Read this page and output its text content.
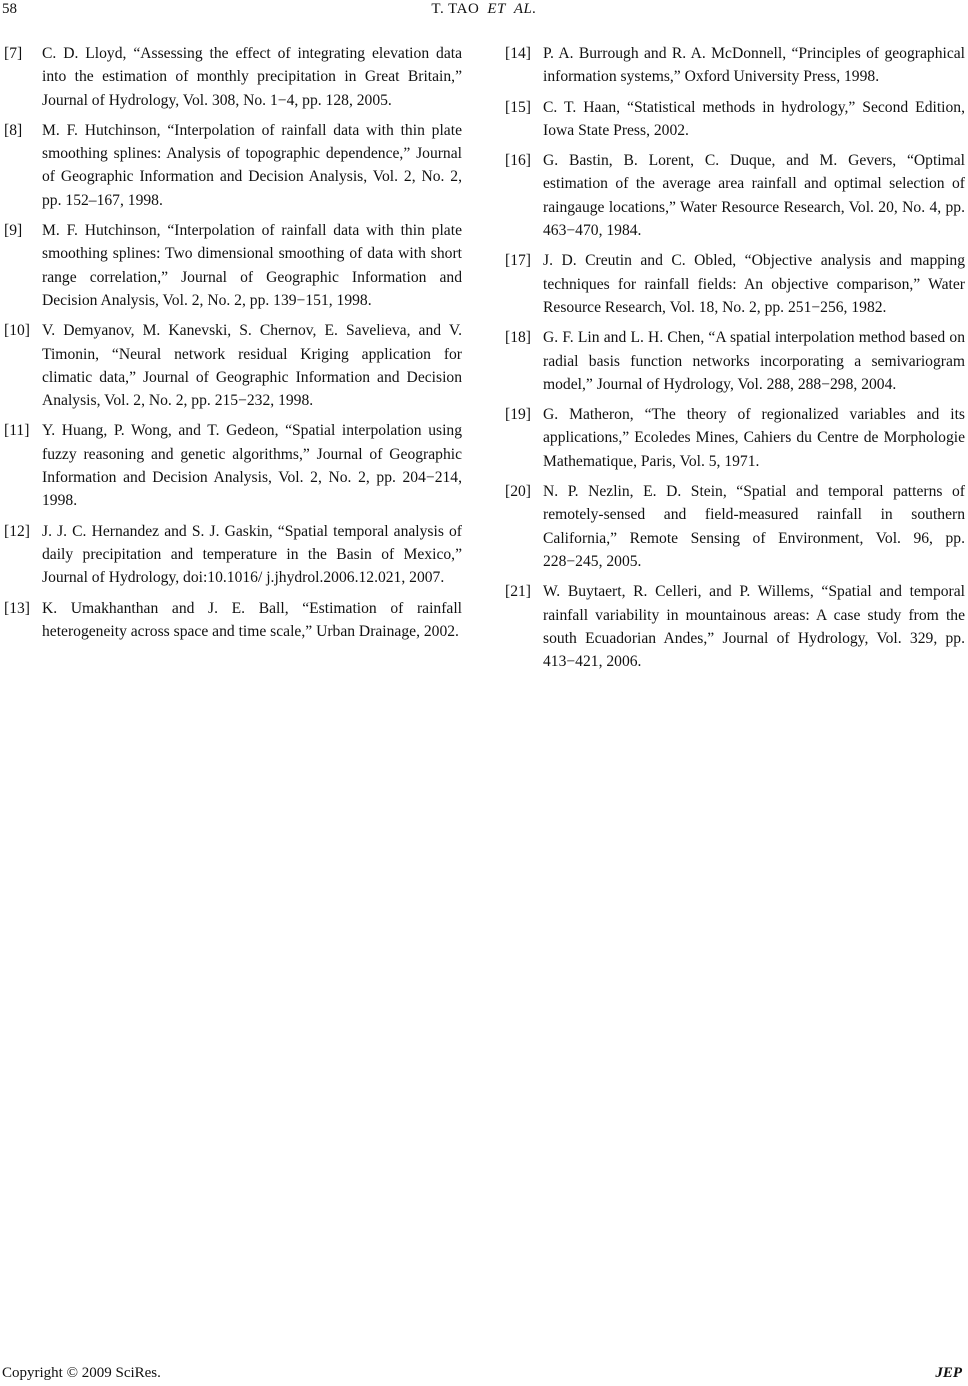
58	T. TAO ET AL.
[7]	C. D. Lloyd, “Assessing the effect of integrating elevation data into the estimation of monthly precipitation in Great Britain,” Journal of Hydrology, Vol. 308, No. 1−4, pp. 128, 2005.
[8]	M. F. Hutchinson, “Interpolation of rainfall data with thin plate smoothing splines: Analysis of topographic dependence,” Journal of Geographic Information and Decision Analysis, Vol. 2, No. 2, pp. 152–167, 1998.
[9]	M. F. Hutchinson, “Interpolation of rainfall data with thin plate smoothing splines: Two dimensional smoothing of data with short range correlation,” Journal of Geographic Information and Decision Analysis, Vol. 2, No. 2, pp. 139−151, 1998.
[10] V. Demyanov, M. Kanevski, S. Chernov, E. Savelieva, and V. Timonin, “Neural network residual Kriging application for climatic data,” Journal of Geographic Information and Decision Analysis, Vol. 2, No. 2, pp. 215−232, 1998.
[11] Y. Huang, P. Wong, and T. Gedeon, “Spatial interpolation using fuzzy reasoning and genetic algorithms,” Journal of Geographic Information and Decision Analysis, Vol. 2, No. 2, pp. 204−214, 1998.
[12] J. J. C. Hernandez and S. J. Gaskin, “Spatial temporal analysis of daily precipitation and temperature in the Basin of Mexico,” Journal of Hydrology, doi:10.1016/ j.jhydrol.2006.12.021, 2007.
[13] K. Umakhanthan and J. E. Ball, “Estimation of rainfall heterogeneity across space and time scale,” Urban Drainage, 2002.
[14] P. A. Burrough and R. A. McDonnell, “Principles of geographical information systems,” Oxford University Press, 1998.
[15] C. T. Haan, “Statistical methods in hydrology,” Second Edition, Iowa State Press, 2002.
[16] G. Bastin, B. Lorent, C. Duque, and M. Gevers, “Optimal estimation of the average area rainfall and optimal selection of raingauge locations,” Water Resource Research, Vol. 20, No. 4, pp. 463−470, 1984.
[17] J. D. Creutin and C. Obled, “Objective analysis and mapping techniques for rainfall fields: An objective comparison,” Water Resource Research, Vol. 18, No. 2, pp. 251−256, 1982.
[18] G. F. Lin and L. H. Chen, “A spatial interpolation method based on radial basis function networks incorporating a semivariogram model,” Journal of Hydrology, Vol. 288, 288−298, 2004.
[19] G. Matheron, “The theory of regionalized variables and its applications,” Ecoledes Mines, Cahiers du Centre de Morphologie Mathematique, Paris, Vol. 5, 1971.
[20] N. P. Nezlin, E. D. Stein, “Spatial and temporal patterns of remotely-sensed and field-measured rainfall in southern California,” Remote Sensing of Environment, Vol. 96, pp. 228−245, 2005.
[21] W. Buytaert, R. Celleri, and P. Willems, “Spatial and temporal rainfall variability in mountainous areas: A case study from the south Ecuadorian Andes,” Journal of Hydrology, Vol. 329, pp. 413−421, 2006.
Copyright © 2009 SciRes.	JEP
